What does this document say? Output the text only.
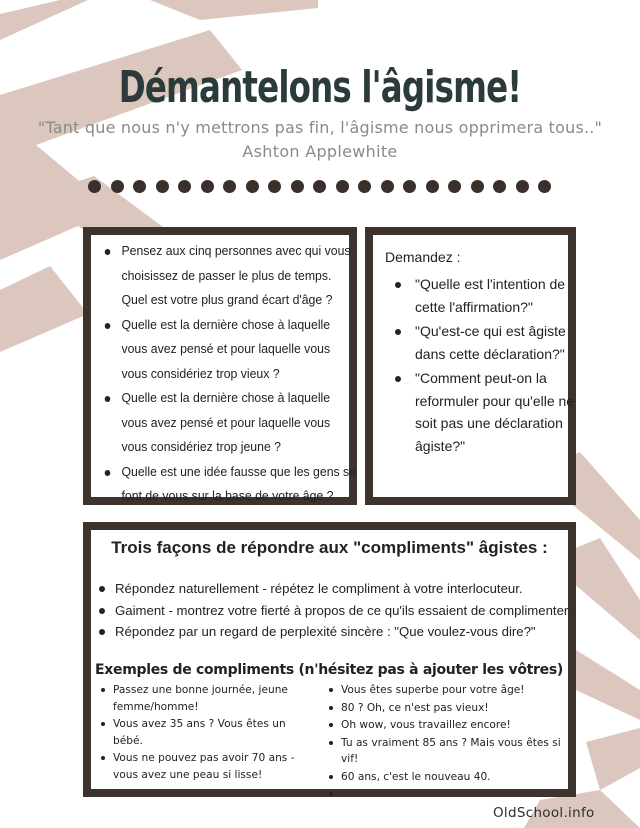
Démantelons l'âgisme!
"Tant que nous n'y mettrons pas fin, l'âgisme nous opprimera tous.."
Ashton Applewhite
Pensez aux cinq personnes avec qui vous
choisissez de passer le plus de temps.
Quel est votre plus grand écart d'âge ?
Quelle est la dernière chose à laquelle
vous avez pensé et pour laquelle vous
vous considériez trop vieux ?
Quelle est la dernière chose à laquelle
vous avez pensé et pour laquelle vous
vous considériez trop jeune ?
Quelle est une idée fausse que les gens se
font de vous sur la base de votre âge ?
Demandez :
"Quelle est l'intention de cette l'affirmation?"
"Qu'est-ce qui est âgiste dans cette déclaration?"
"Comment peut-on la reformuler pour qu'elle ne soit pas une déclaration âgiste?"
Trois façons de répondre aux "compliments" âgistes :
Répondez naturellement - répétez le compliment à votre interlocuteur.
Gaiment - montrez votre fierté à propos de ce qu'ils essaient de complimenter.
Répondez par un regard de perplexité sincère : "Que voulez-vous dire?"
Exemples de compliments (n'hésitez pas à ajouter les vôtres)
Passez une bonne journée, jeune femme/homme!
Vous avez 35 ans ? Vous êtes un bébé.
Vous ne pouvez pas avoir 70 ans - vous avez une peau si lisse!
Vous êtes superbe pour votre âge!
80 ? Oh, ce n'est pas vieux!
Oh wow, vous travaillez encore!
Tu as vraiment 85 ans ? Mais vous êtes si vif!
60 ans, c'est le nouveau 40.
OldSchool.info
